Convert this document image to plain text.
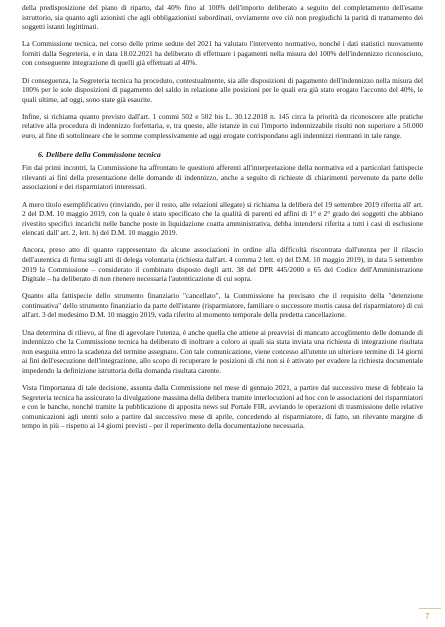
della predisposizione del piano di riparto, dal 40% fino al 100% dell'importo deliberato a seguito del completamento dell'esame istruttorio, sia quanto agli azionisti che agli obbligazionisti subordinati, ovviamente ove ciò non pregiudichi la parità di trattamento dei soggetti istanti legittimati.

La Commissione tecnica, nel corso delle prime sedute del 2021 ha valutato l'intervento normativo, nonché i dati statistici nuovamente forniti dalla Segreteria, e in data 18.02.2021 ha deliberato di effettuare i pagamenti nella misura del 100% dell'indennizzo riconosciuto, con conseguente integrazione di quelli già effettuati al 40%.

Di conseguenza, la Segreteria tecnica ha proceduto, contestualmente, sia alle disposizioni di pagamento dell'indennizzo nella misura del 100% per le sole disposizioni di pagamento del saldo in relazione alle posizioni per le quali era già stato erogato l'acconto del 40%, le quali ultime, ad oggi, sono state già esaurite.

Infine, si richiama quanto previsto dall'art. 1 commi 502 e 502 bis L. 30.12.2018 n. 145 circa la priorità da riconoscere alle pratiche relative alla procedura di indennizzo forfettaria, e, tra queste, alle istanze in cui l'importo indennizzabile risulti non superiore a 50.000 euro, al fine di sottolineare che le somme complessivamente ad oggi erogate corrispondano agli indennizzi rientranti in tale range.

6. Delibere della Commissione tecnica

Fin dai primi incontri, la Commissione ha affrontato le questioni afferenti all'interpretazione della normativa ed a particolari fattispecie rilevanti ai fini della presentazione delle domande di indennizzo, anche a seguito di richieste di chiarimenti pervenute da parte delle associazioni e dei risparmiatori interessati.

A mero titolo esemplificativo (rinviando, per il resto, alle relazioni allegate) si richiama la delibera del 19 settembre 2019 riferita all' art. 2 del D.M. 10 maggio 2019, con la quale è stato specificato che la qualità di parenti ed affini di 1° e 2° grado dei soggetti che abbiano rivestito specifici incarichi nelle banche poste in liquidazione coatta amministrativa, debba intendersi riferita a tutti i casi di esclusione elencati dall' art. 2, lett. h) del D.M. 10 maggio 2019.

Ancora, preso atto di quanto rappresentato da alcune associazioni in ordine alla difficoltà riscontrata dall'utenza per il rilascio dell'autentica di firma sugli atti di delega volontaria (richiesta dall'art. 4 comma 2 lett. e) del D.M. 10 maggio 2019), in data 5 settembre 2019 la Commissione – considerato il combinato disposto degli artt. 38 del DPR 445/2000 e 65 del Codice dell'Amministrazione Digitale – ha deliberato di non ritenere necessaria l'autenticazione di cui sopra.

Quanto alla fattispecie dello strumento finanziario "cancellato", la Commissione ha precisato che il requisito della "detenzione continuativa" dello strumento finanziario da parte dell'istante (risparmiatore, familiare o successore mortis causa del risparmiatore) di cui all'art. 3 del medesimo D.M. 10 maggio 2019, vada riferito al momento temporale della predetta cancellazione.

Una determina di rilievo, al fine di agevolare l'utenza, è anche quella che attiene ai preavvisi di mancato accoglimento delle domande di indennizzo che la Commissione tecnica ha deliberato di inoltrare a coloro ai quali sia stata inviata una richiesta di integrazione risultata non eseguita entro la scadenza del termine assegnato. Con tale comunicazione, viene concesso all'utente un ulteriore termine di 14 giorni ai fini dell'esecuzione dell'integrazione, allo scopo di recuperare le posizioni di chi non si è attivato per evadere la richiesta documentale impedendo la definizione istruttoria della domanda risultata carente.

Vista l'importanza di tale decisione, assunta dalla Commissione nel mese di gennaio 2021, a partire dal successivo mese di febbraio la Segreteria tecnica ha assicurato la divulgazione massima della delibera tramite interlocuzioni ad hoc con le associazioni dei risparmiatori e con le banche, nonché tramite la pubblicazione di apposita news sul Portale FIR, avviando le operazioni di trasmissione delle relative comunicazioni agli utenti solo a partire dal successivo mese di aprile, concedendo al risparmiatore, di fatto, un rilevante margine di tempo in più – rispetto ai 14 giorni previsti - per il reperimento della documentazione necessaria.

7
